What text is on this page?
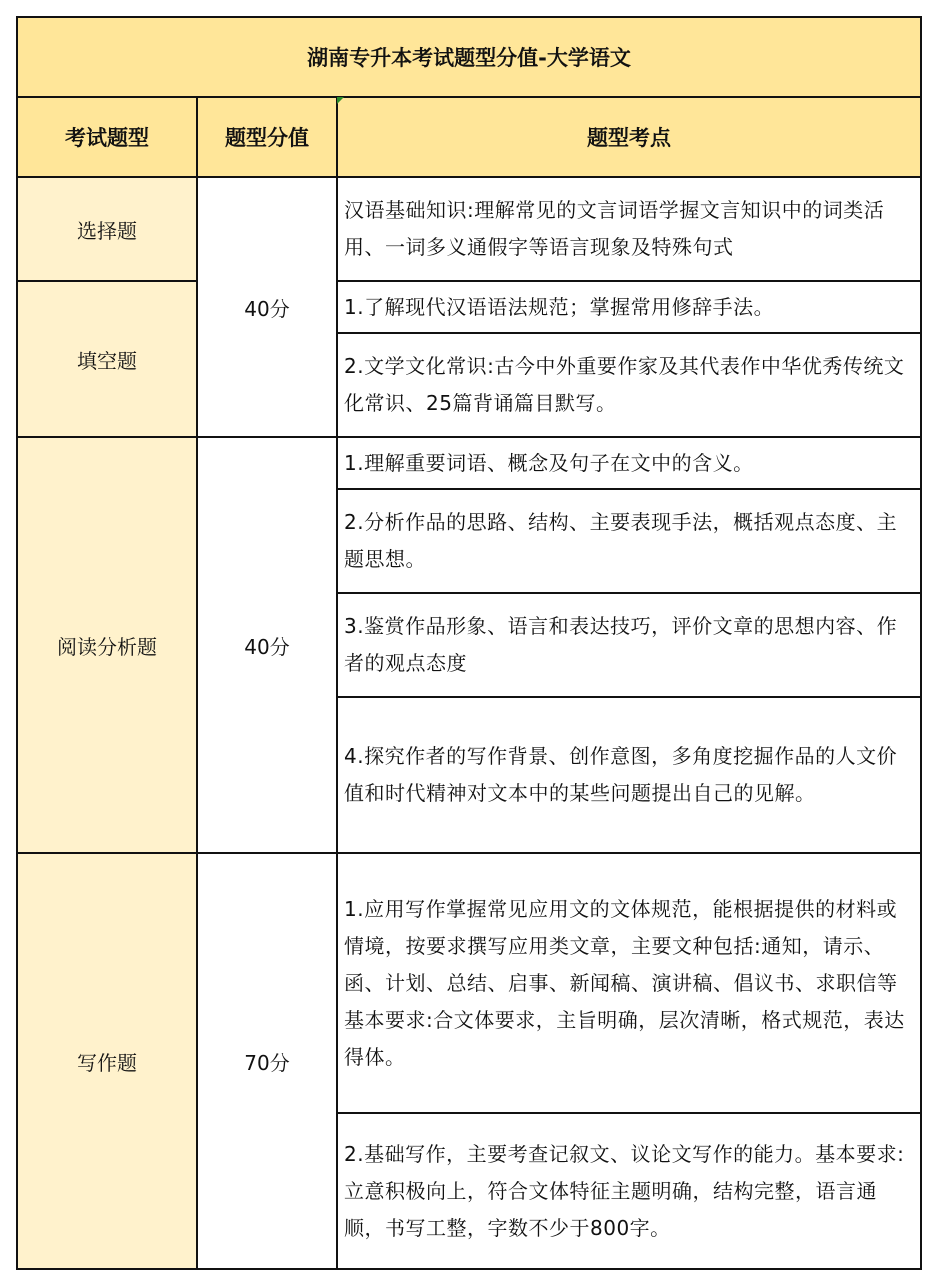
湖南专升本考试题型分值-大学语文		
考试题型	题型分值	题型考点
选择题	40分	汉语基础知识:理解常见的文言词语学握文言知识中的词类活用、一词多义通假字等语言现象及特殊句式
填空题		1.了解现代汉语语法规范；掌握常用修辞手法。
		2.文学文化常识:古今中外重要作家及其代表作中华优秀传统文化常识、25篇背诵篇目默写。
阅读分析题	40分	1.理解重要词语、概念及句子在文中的含义。
		2.分析作品的思路、结构、主要表现手法，概括观点态度、主题思想。
		3.鉴赏作品形象、语言和表达技巧，评价文章的思想内容、作者的观点态度
		4.探究作者的写作背景、创作意图，多角度挖掘作品的人文价值和时代精神对文本中的某些问题提出自己的见解。
写作题	70分	1.应用写作掌握常见应用文的文体规范，能根据提供的材料或情境，按要求撰写应用类文章，主要文种包括:通知，请示、函、计划、总结、启事、新闻稿、演讲稿、倡议书、求职信等基本要求:合文体要求，主旨明确，层次清晰，格式规范，表达得体。
		2.基础写作，主要考查记叙文、议论文写作的能力。基本要求:立意积极向上，符合文体特征主题明确，结构完整，语言通顺，书写工整，字数不少于800字。
